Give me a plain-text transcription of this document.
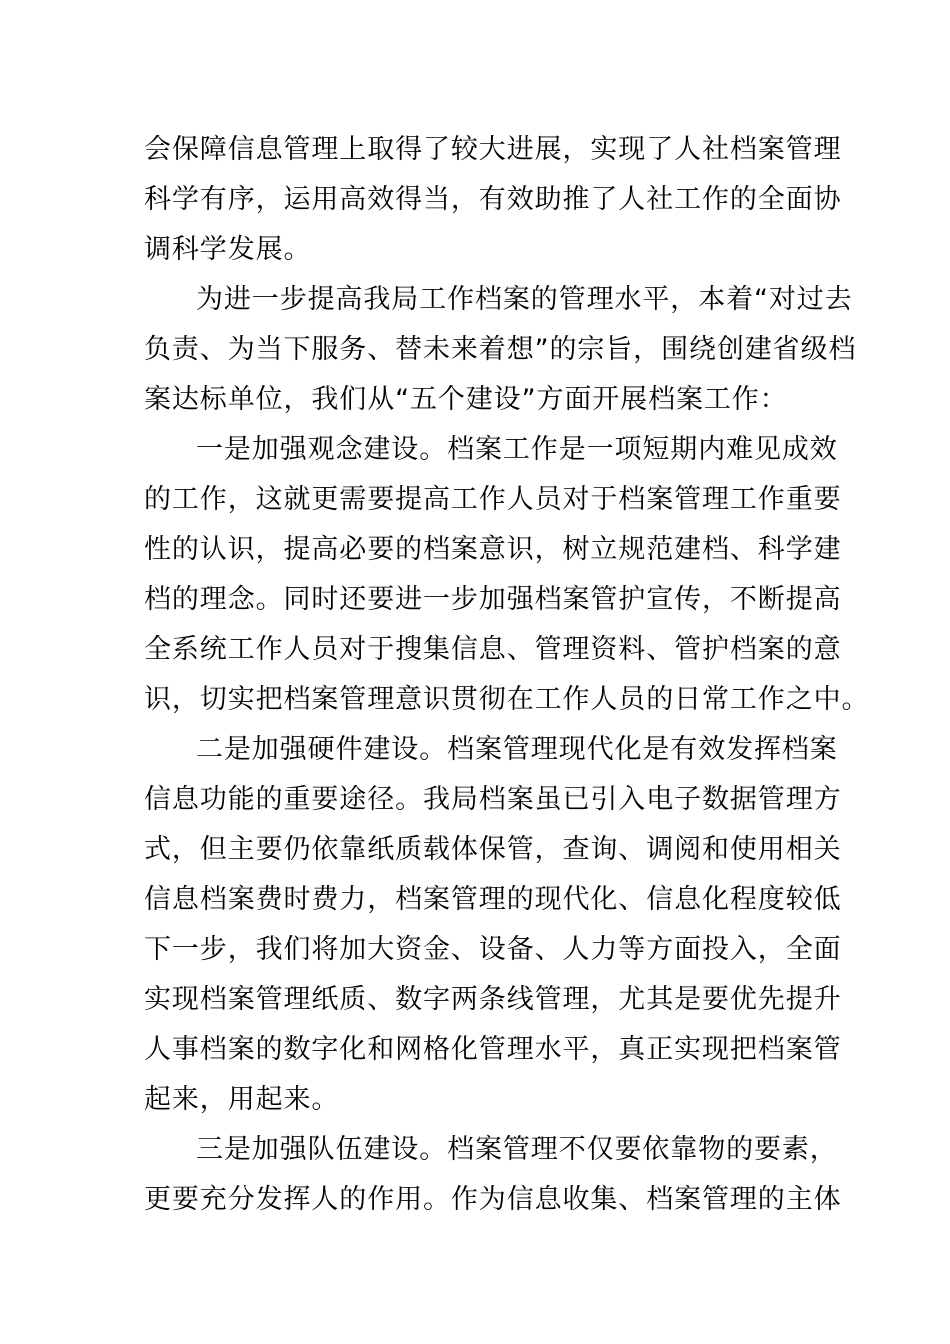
会保障信息管理上取得了较大进展，实现了人社档案管理
科学有序，运用高效得当，有效助推了人社工作的全面协
调科学发展。
为进一步提高我局工作档案的管理水平，本着“对过去
负责、为当下服务、替未来着想”的宗旨，围绕创建省级档
案达标单位，我们从“五个建设”方面开展档案工作：
一是加强观念建设。档案工作是一项短期内难见成效
的工作，这就更需要提高工作人员对于档案管理工作重要
性的认识，提高必要的档案意识，树立规范建档、科学建
档的理念。同时还要进一步加强档案管护宣传，不断提高
全系统工作人员对于搜集信息、管理资料、管护档案的意
识，切实把档案管理意识贯彻在工作人员的日常工作之中。
二是加强硬件建设。档案管理现代化是有效发挥档案
信息功能的重要途径。我局档案虽已引入电子数据管理方
式，但主要仍依靠纸质载体保管，查询、调阅和使用相关
信息档案费时费力，档案管理的现代化、信息化程度较低
下一步，我们将加大资金、设备、人力等方面投入，全面
实现档案管理纸质、数字两条线管理，尤其是要优先提升
人事档案的数字化和网格化管理水平，真正实现把档案管
起来，用起来。
三是加强队伍建设。档案管理不仅要依靠物的要素，
更要充分发挥人的作用。作为信息收集、档案管理的主体
